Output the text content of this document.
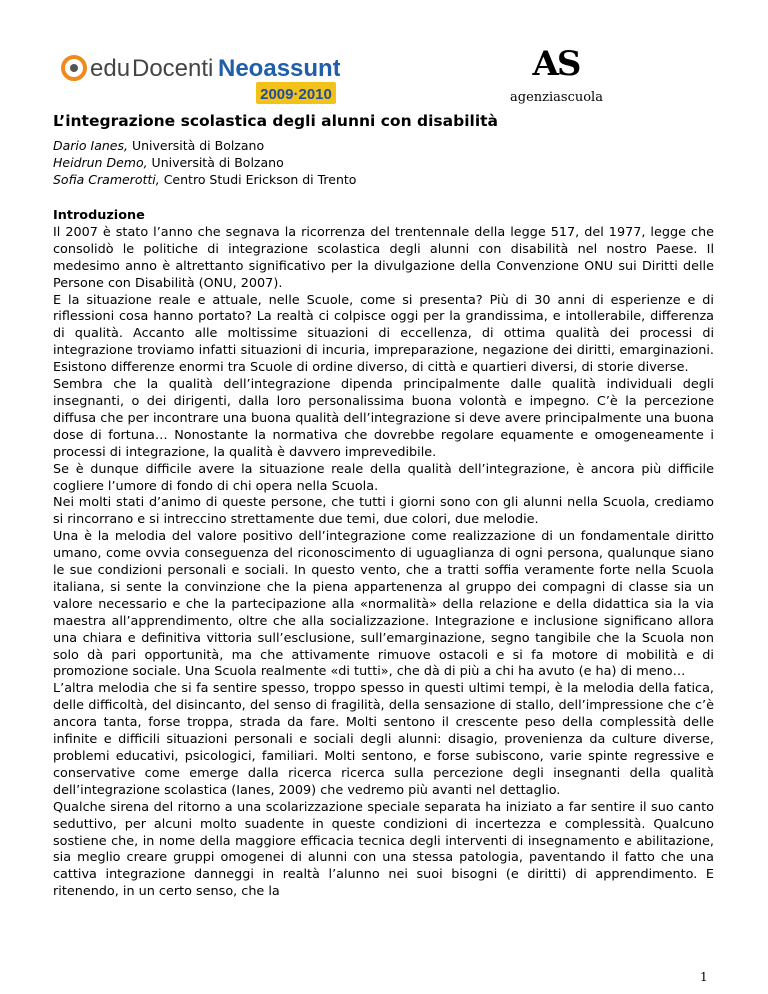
edu Docenti Neoassunti
2009·2010
AS
agenziascuola
L’integrazione scolastica degli alunni con disabilità
Dario Ianes, Università di Bolzano
Heidrun Demo, Università di Bolzano
Sofia Cramerotti, Centro Studi Erickson di Trento
Introduzione

Il 2007 è stato l’anno che segnava la ricorrenza del trentennale della legge 517, del 1977, legge che consolidò le politiche di integrazione scolastica degli alunni con disabilità nel nostro Paese. Il medesimo anno è altrettanto significativo per la divulgazione della Convenzione ONU sui Diritti delle Persone con Disabilità (ONU, 2007).

E la situazione reale e attuale, nelle Scuole, come si presenta? Più di 30 anni di esperienze e di riflessioni cosa hanno portato? La realtà ci colpisce oggi per la grandissima, e intollerabile, differenza di qualità. Accanto alle moltissime situazioni di eccellenza, di ottima qualità dei processi di integrazione troviamo infatti situazioni di incuria, impreparazione, negazione dei diritti, emarginazioni. Esistono differenze enormi tra Scuole di ordine diverso, di città e quartieri diversi, di storie diverse.

Sembra che la qualità dell’integrazione dipenda principalmente dalle qualità individuali degli insegnanti, o dei dirigenti, dalla loro personalissima buona volontà e impegno. C’è la percezione diffusa che per incontrare una buona qualità dell’integrazione si deve avere principalmente una buona dose di fortuna… Nonostante la normativa che dovrebbe regolare equamente e omogeneamente i processi di integrazione, la qualità è davvero imprevedibile.

Se è dunque difficile avere la situazione reale della qualità dell’integrazione, è ancora più difficile cogliere l’umore di fondo di chi opera nella Scuola.

Nei molti stati d’animo di queste persone, che tutti i giorni sono con gli alunni nella Scuola, crediamo si rincorrano e si intreccino strettamente due temi, due colori, due melodie.

Una è la melodia del valore positivo dell’integrazione come realizzazione di un fondamentale diritto umano, come ovvia conseguenza del riconoscimento di uguaglianza di ogni persona, qualunque siano le sue condizioni personali e sociali. In questo vento, che a tratti soffia veramente forte nella Scuola italiana, si sente la convinzione che la piena appartenenza al gruppo dei compagni di classe sia un valore necessario e che la partecipazione alla «normalità» della relazione e della didattica sia la via maestra all’apprendimento, oltre che alla socializzazione. Integrazione e inclusione significano allora una chiara e definitiva vittoria sull’esclusione, sull’emarginazione, segno tangibile che la Scuola non solo dà pari opportunità, ma che attivamente rimuove ostacoli e si fa motore di mobilità e di promozione sociale. Una Scuola realmente «di tutti», che dà di più a chi ha avuto (e ha) di meno…

L’altra melodia che si fa sentire spesso, troppo spesso in questi ultimi tempi, è la melodia della fatica, delle difficoltà, del disincanto, del senso di fragilità, della sensazione di stallo, dell’impressione che c’è ancora tanta, forse troppa, strada da fare. Molti sentono il crescente peso della complessità delle infinite e difficili situazioni personali e sociali degli alunni: disagio, provenienza da culture diverse, problemi educativi, psicologici, familiari. Molti sentono, e forse subiscono, varie spinte regressive e conservative come emerge dalla ricerca ricerca sulla percezione degli insegnanti della qualità dell’integrazione scolastica (Ianes, 2009) che vedremo più avanti nel dettaglio.

Qualche sirena del ritorno a una scolarizzazione speciale separata ha iniziato a far sentire il suo canto seduttivo, per alcuni molto suadente in queste condizioni di incertezza e complessità. Qualcuno sostiene che, in nome della maggiore efficacia tecnica degli interventi di insegnamento e abilitazione, sia meglio creare gruppi omogenei di alunni con una stessa patologia, paventando il fatto che una cattiva integrazione danneggi in realtà l’alunno nei suoi bisogni (e diritti) di apprendimento. E ritenendo, in un certo senso, che la

1
